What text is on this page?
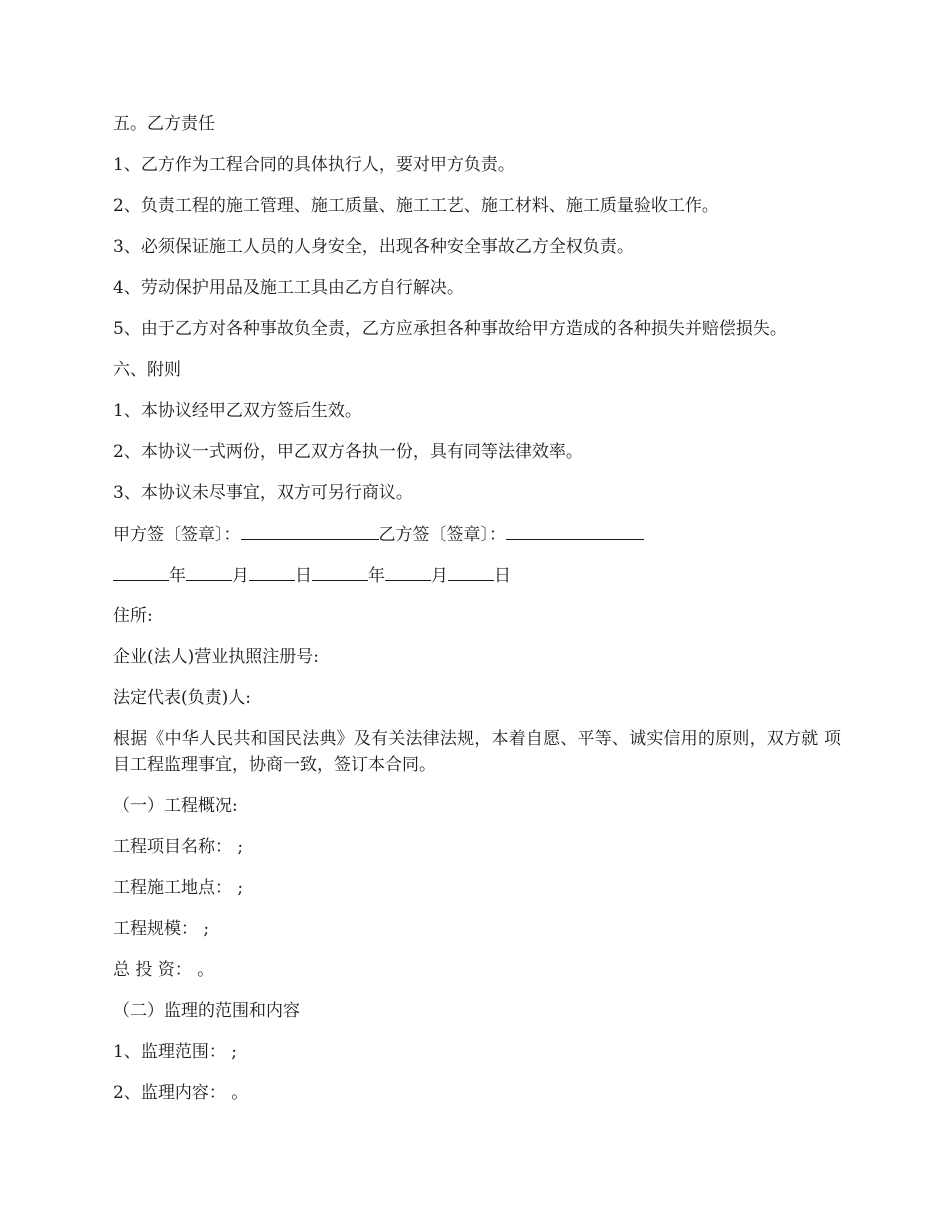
五。乙方责任
1、乙方作为工程合同的具体执行人，要对甲方负责。
2、负责工程的施工管理、施工质量、施工工艺、施工材料、施工质量验收工作。
3、必须保证施工人员的人身安全，出现各种安全事故乙方全权负责。
4、劳动保护用品及施工工具由乙方自行解决。
5、由于乙方对各种事故负全责，乙方应承担各种事故给甲方造成的各种损失并赔偿损失。
六、附则
1、本协议经甲乙双方签后生效。
2、本协议一式两份，甲乙双方各执一份，具有同等法律效率。
3、本协议未尽事宜，双方可另行商议。
甲方签〔签章〕：	乙方签〔签章〕：
年	月	日	年	月	日
住所:
企业(法人)营业执照注册号:
法定代表(负责)人:
根据《中华人民共和国民法典》及有关法律法规，本着自愿、平等、诚实信用的原则，双方就 项目工程监理事宜，协商一致，签订本合同。
（一）工程概况:
工程项目名称： ;
工程施工地点： ;
工程规模： ;
总 投 资： 。
（二）监理的范围和内容
1、监理范围： ;
2、监理内容： 。
